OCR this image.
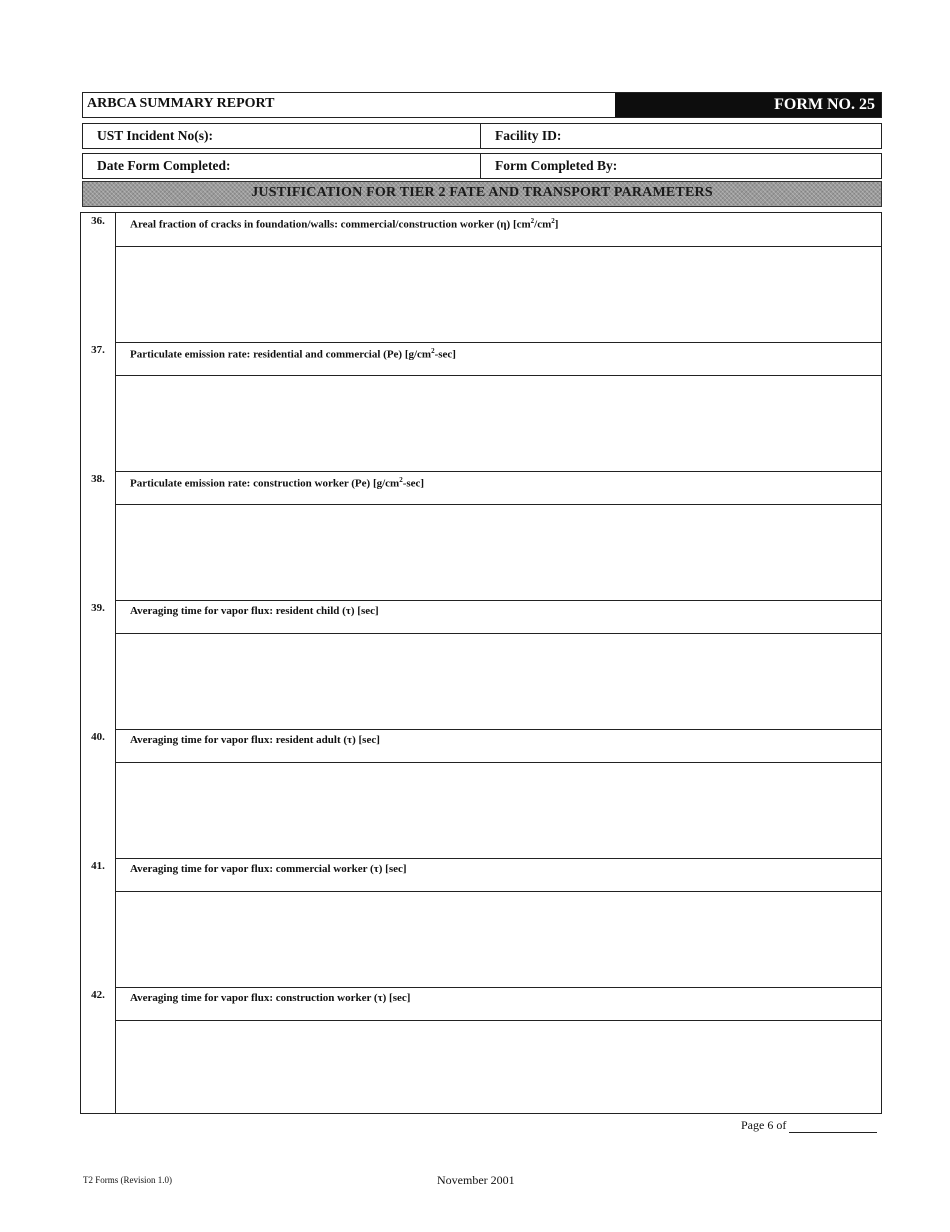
ARBCA SUMMARY REPORT	FORM NO. 25
UST Incident No(s):	Facility ID:
Date Form Completed:	Form Completed By:
JUSTIFICATION FOR TIER 2 FATE AND TRANSPORT PARAMETERS
36.	Areal fraction of cracks in foundation/walls: commercial/construction worker (η) $[cm^2/cm^2]$
37.	Particulate emission rate: residential and commercial (Pe) $[g/cm^2-\sec]$
38.	Particulate emission rate: construction worker (Pe) $[g/cm^2-\sec]$
39.	Averaging time for vapor flux: resident child (τ) [sec]
40.	Averaging time for vapor flux: resident adult (τ) [sec]
41.	Averaging time for vapor flux: commercial worker (τ) [sec]
42.	Averaging time for vapor flux: construction worker (τ) [sec]
Page 6 of
T2 Forms (Revision 1.0)	November 2001
